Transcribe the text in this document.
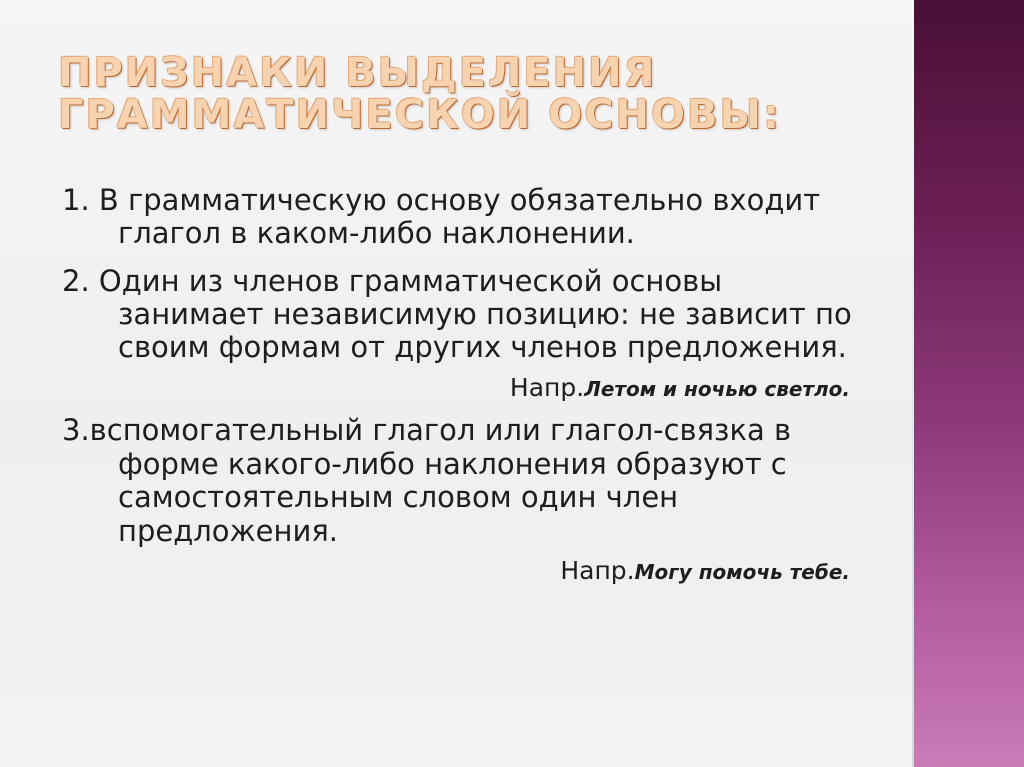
ПРИЗНАКИ ВЫДЕЛЕНИЯ ГРАММАТИЧЕСКОЙ ОСНОВЫ:

1. В грамматическую основу обязательно входит глагол в каком-либо наклонении.

2. Один из членов грамматической основы занимает независимую позицию: не зависит по своим формам от других членов предложения.

Напр.Летом и ночью светло.

3.вспомогательный глагол или глагол-связка в форме какого-либо наклонения образуют с самостоятельным словом один член предложения.

Напр.Могу помочь тебе.
